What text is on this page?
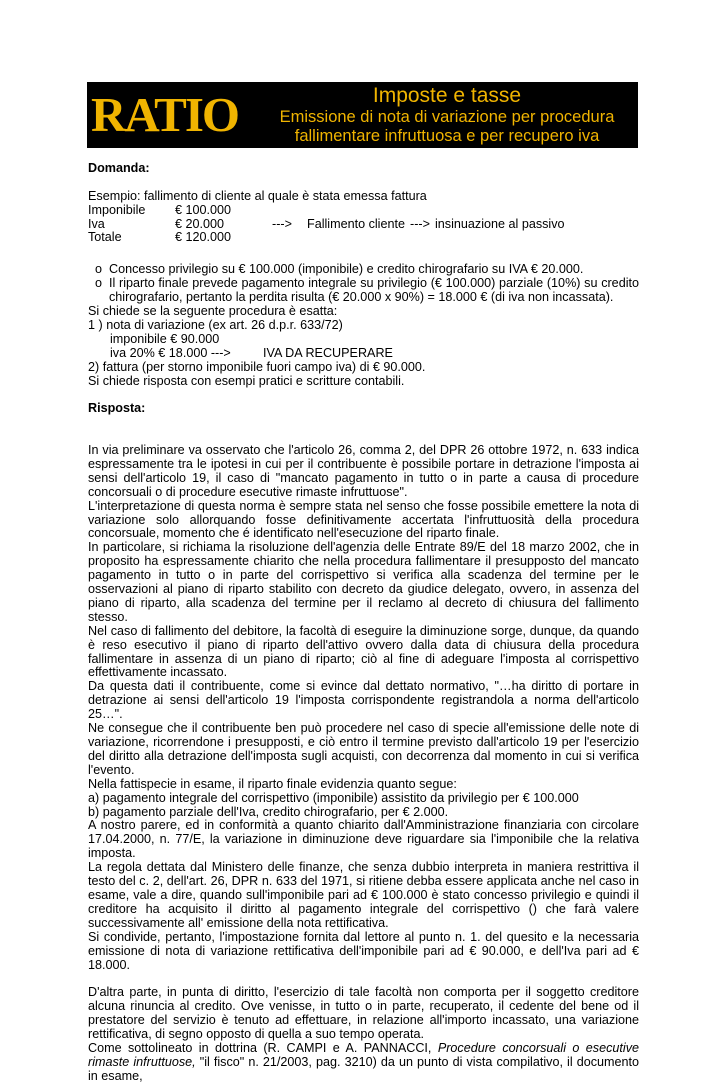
RATIO	Imposte e tasse
Emissione di nota di variazione per procedura
fallimentare infruttuosa e per recupero iva

Domanda:

Esempio: fallimento di cliente al quale è stata emessa fattura

Imponibile € 100.000
Iva	€ 20.000	---> Fallimento cliente ---> insinuazione al passivo
Totale	€ 120.000
o Concesso privilegio su € 100.000 (imponibile) e credito chirografario su IVA € 20.000.
o Il riparto finale prevede pagamento integrale su privilegio (€ 100.000) parziale (10%) su credito chirografario, pertanto la perdita risulta (€ 20.000 x 90%) = 18.000 € (di iva non incassata).

Si chiede se la seguente procedura è esatta:

1 ) nota di variazione (ex art. 26 d.p.r. 633/72)

imponibile € 90.000

iva 20% € 18.000 --->	IVA DA RECUPERARE

2) fattura (per storno imponibile fuori campo iva) di € 90.000.

Si chiede risposta con esempi pratici e scritture contabili.

Risposta:

In via preliminare va osservato che l'articolo 26, comma 2, del DPR 26 ottobre 1972, n. 633 indica espressamente tra le ipotesi in cui per il contribuente è possibile portare in detrazione l'imposta ai sensi dell'articolo 19, il caso di "mancato pagamento in tutto o in parte a causa di procedure concorsuali o di procedure esecutive rimaste infruttuose".

L'interpretazione di questa norma è sempre stata nel senso che fosse possibile emettere la nota di variazione solo allorquando fosse definitivamente accertata l'infruttuosità della procedura concorsuale, momento che é identificato nell'esecuzione del riparto finale.

In particolare, si richiama la risoluzione dell'agenzia delle Entrate 89/E del 18 marzo 2002, che in proposito ha espressamente chiarito che nella procedura fallimentare il presupposto del mancato pagamento in tutto o in parte del corrispettivo si verifica alla scadenza del termine per le osservazioni al piano di riparto stabilito con decreto da giudice delegato, ovvero, in assenza del piano di riparto, alla scadenza del termine per il reclamo al decreto di chiusura del fallimento stesso.

Nel caso di fallimento del debitore, la facoltà di eseguire la diminuzione sorge, dunque, da quando è reso esecutivo il piano di riparto dell'attivo ovvero dalla data di chiusura della procedura fallimentare in assenza di un piano di riparto; ciò al fine di adeguare l'imposta al corrispettivo effettivamente incassato.

Da questa dati il contribuente, come si evince dal dettato normativo, "…ha diritto di portare in detrazione ai sensi dell'articolo 19 l'imposta corrispondente registrandola a norma dell'articolo 25…".

Ne consegue che il contribuente ben può procedere nel caso di specie all'emissione delle note di variazione, ricorrendone i presupposti, e ciò entro il termine previsto dall'articolo 19 per l'esercizio del diritto alla detrazione dell'imposta sugli acquisti, con decorrenza dal momento in cui si verifica l'evento.

Nella fattispecie in esame, il riparto finale evidenzia quanto segue:

a) pagamento integrale del corrispettivo (imponibile) assistito da privilegio per € 100.000

b) pagamento parziale dell'Iva, credito chirografario, per € 2.000.

A nostro parere, ed in conformità a quanto chiarito dall'Amministrazione finanziaria con circolare 17.04.2000, n. 77/E, la variazione in diminuzione deve riguardare sia l'imponibile che la relativa imposta.

La regola dettata dal Ministero delle finanze, che senza dubbio interpreta in maniera restrittiva il testo del c. 2, dell'art. 26, DPR n. 633 del 1971, si ritiene debba essere applicata anche nel caso in esame, vale a dire, quando sull'imponibile pari ad € 100.000 è stato concesso privilegio e quindi il creditore ha acquisito il diritto al pagamento integrale del corrispettivo () che farà valere successivamente all' emissione della nota rettificativa.

Si condivide, pertanto, l'impostazione fornita dal lettore al punto n. 1. del quesito e la necessaria emissione di nota di variazione rettificativa dell'imponibile pari ad € 90.000, e dell'Iva pari ad € 18.000.

D'altra parte, in punta di diritto, l'esercizio di tale facoltà non comporta per il soggetto creditore alcuna rinuncia al credito. Ove venisse, in tutto o in parte, recuperato, il cedente del bene od il prestatore del servizio è tenuto ad effettuare, in relazione all'importo incassato, una variazione rettificativa, di segno opposto di quella a suo tempo operata.

Come sottolineato in dottrina (R. CAMPI e A. PANNACCI, Procedure concorsuali o esecutive rimaste infruttuose, "il fisco" n. 21/2003, pag. 3210) da un punto di vista compilativo, il documento in esame,
